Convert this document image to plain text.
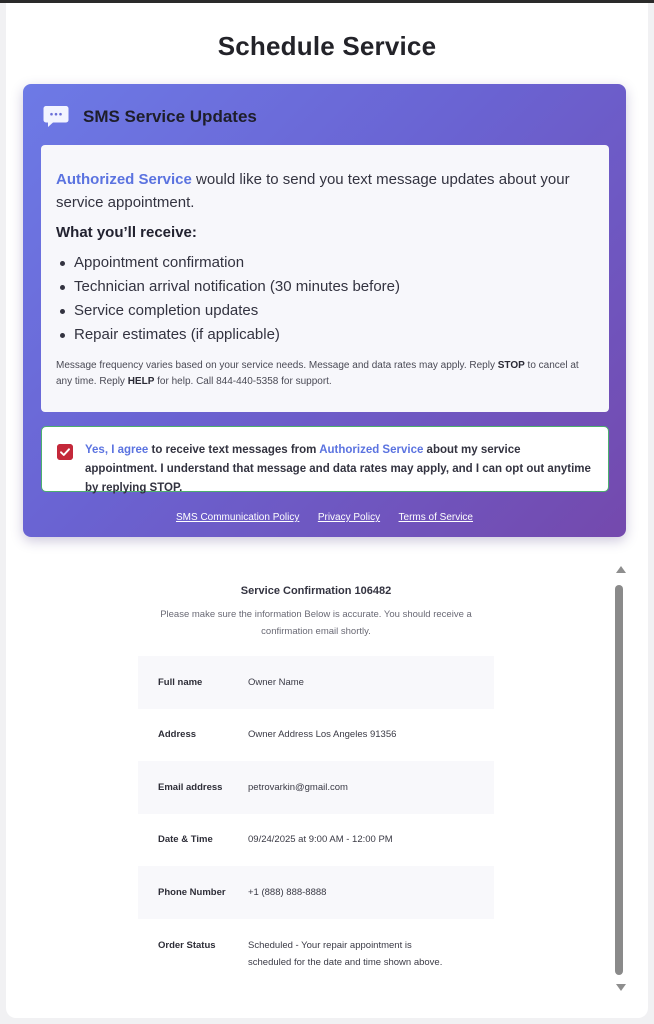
Schedule Service
SMS Service Updates

Authorized Service would like to send you text message updates about your service appointment.

What you’ll receive:

Appointment confirmation
Technician arrival notification (30 minutes before)
Service completion updates
Repair estimates (if applicable)

Message frequency varies based on your service needs. Message and data rates may apply. Reply STOP to cancel at any time. Reply HELP for help. Call 844-440-5358 for support.

Yes, I agree to receive text messages from Authorized Service about my service appointment. I understand that message and data rates may apply, and I can opt out anytime by replying STOP.

SMS Communication Policy Privacy Policy Terms of Service

Service Confirmation 106482

Please make sure the information Below is accurate. You should receive a
confirmation email shortly.

Full name	Owner Name
Address	Owner Address Los Angeles 91356
Email address	petrovarkin@gmail.com
Date & Time	09/24/2025 at 9:00 AM - 12:00 PM
Phone Number	+1 (888) 888-8888
Order Status	Scheduled - Your repair appointment is
scheduled for the date and time shown above.
